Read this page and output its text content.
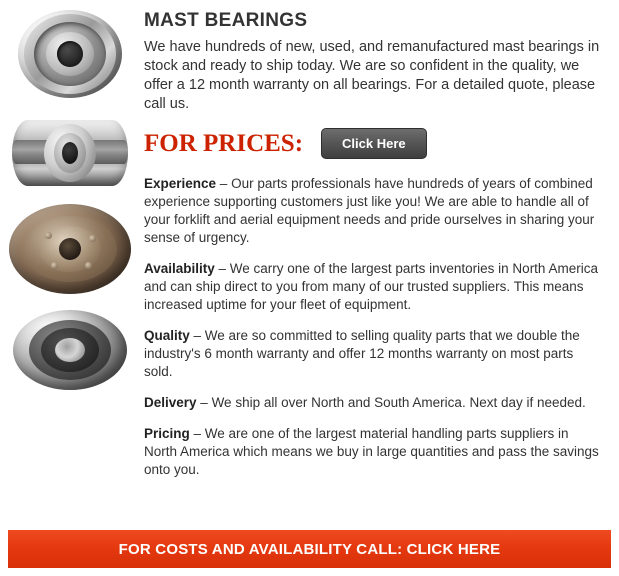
MAST BEARINGS

We have hundreds of new, used, and remanufactured mast bearings in stock and ready to ship today. We are so confident in the quality, we offer a 12 month warranty on all bearings. For a detailed quote, please call us.

FOR PRICES:	Click Here

Experience – Our parts professionals have hundreds of years of combined experience supporting customers just like you! We are able to handle all of your forklift and aerial equipment needs and pride ourselves in sharing your sense of urgency.

Availability – We carry one of the largest parts inventories in North America and can ship direct to you from many of our trusted suppliers. This means increased uptime for your fleet of equipment.

Quality – We are so committed to selling quality parts that we double the industry's 6 month warranty and offer 12 months warranty on most parts sold.

Delivery – We ship all over North and South America. Next day if needed.

Pricing – We are one of the largest material handling parts suppliers in North America which means we buy in large quantities and pass the savings onto you.

FOR COSTS AND AVAILABILITY CALL: CLICK HERE
